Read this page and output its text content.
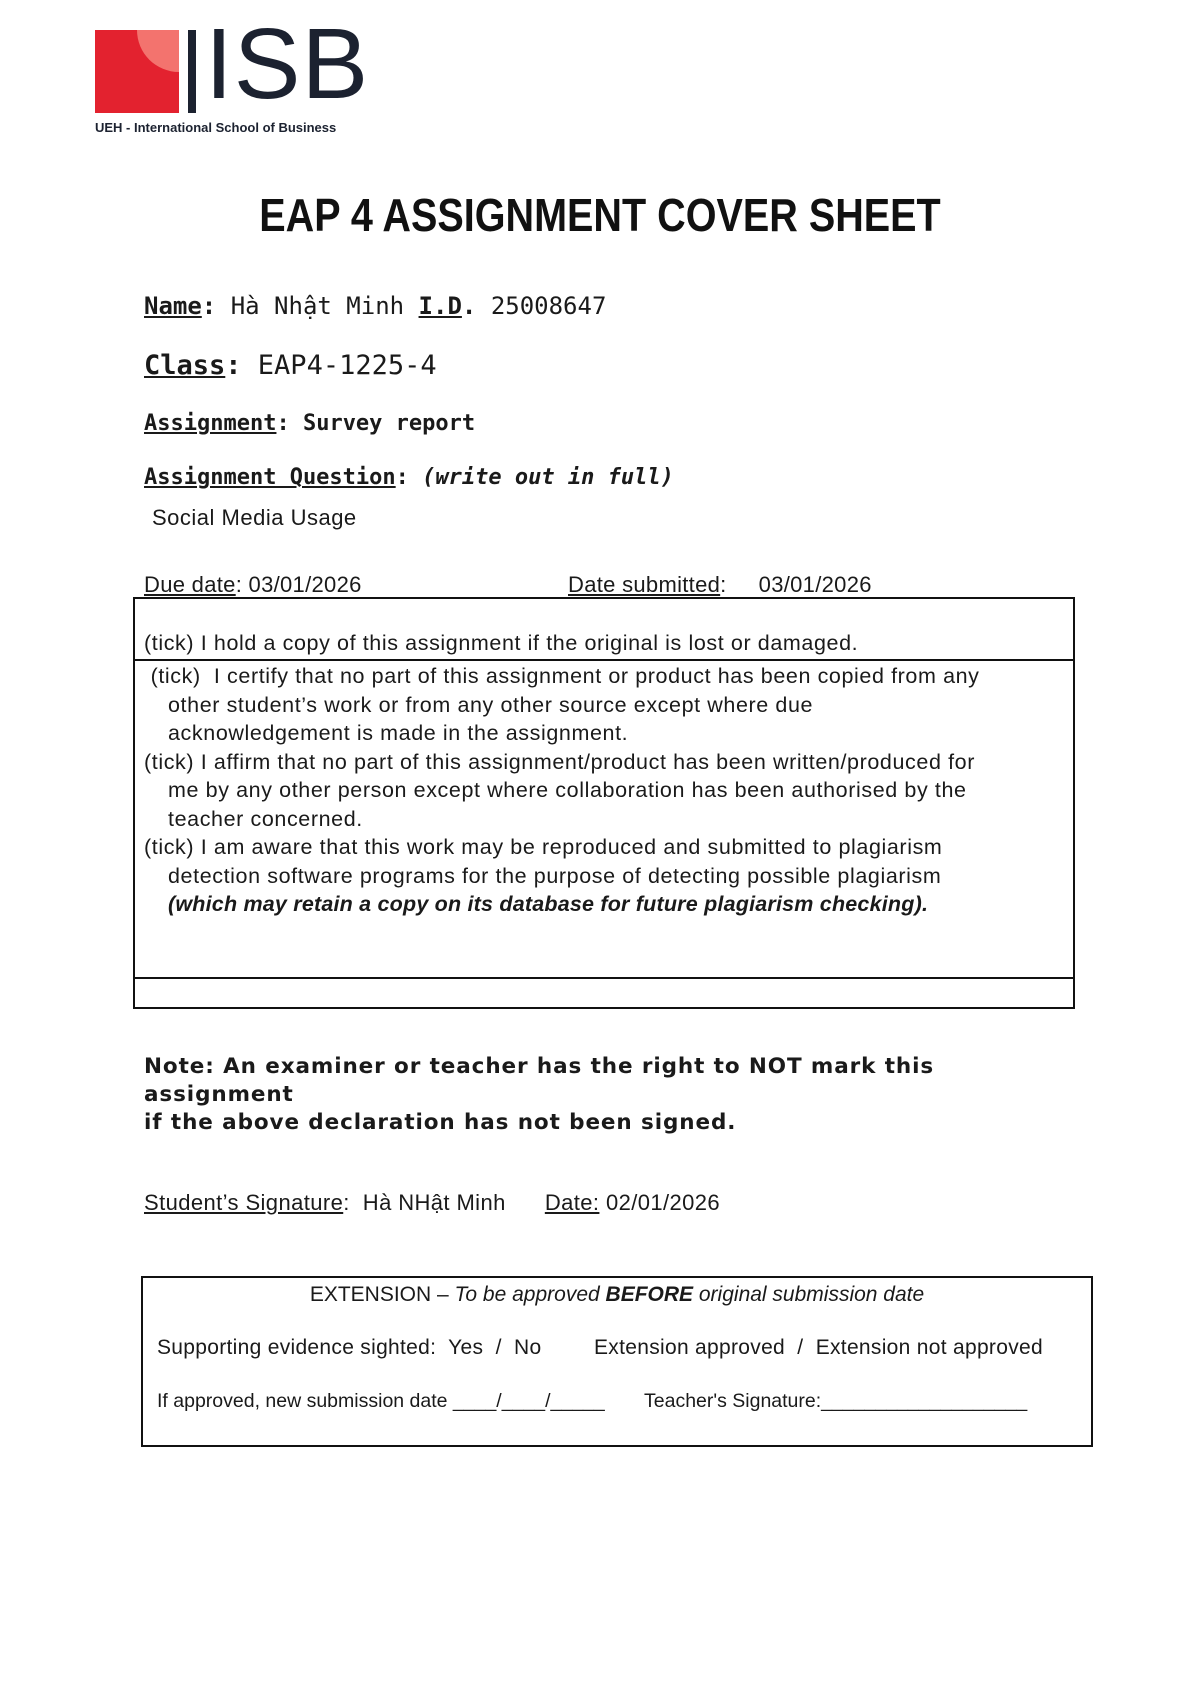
ISB
UEH - International School of Business
EAP 4 ASSIGNMENT COVER SHEET
Name: Hà Nhật Minh I.D. 25008647
Class: EAP4-1225-4
Assignment: Survey report
Assignment Question: (write out in full)
Social Media Usage
Due date: 03/01/2026	Date submitted:     03/01/2026
(tick) I hold a copy of this assignment if the original is lost or damaged.
(tick)  I certify that no part of this assignment or product has been copied from any
other student’s work or from any other source except where due
acknowledgement is made in the assignment.
(tick) I affirm that no part of this assignment/product has been written/produced for
me by any other person except where collaboration has been authorised by the
teacher concerned.
(tick) I am aware that this work may be reproduced and submitted to plagiarism
detection software programs for the purpose of detecting possible plagiarism
(which may retain a copy on its database for future plagiarism checking).
Note: An examiner or teacher has the right to NOT mark this assignment
if the above declaration has not been signed.
Student’s Signature:  Hà NHật Minh Date: 02/01/2026
EXTENSION – To be approved BEFORE original submission date
Supporting evidence sighted:  Yes  /  No	Extension approved  /  Extension not approved
If approved, new submission date ____/____/_____ Teacher's Signature:___________________
